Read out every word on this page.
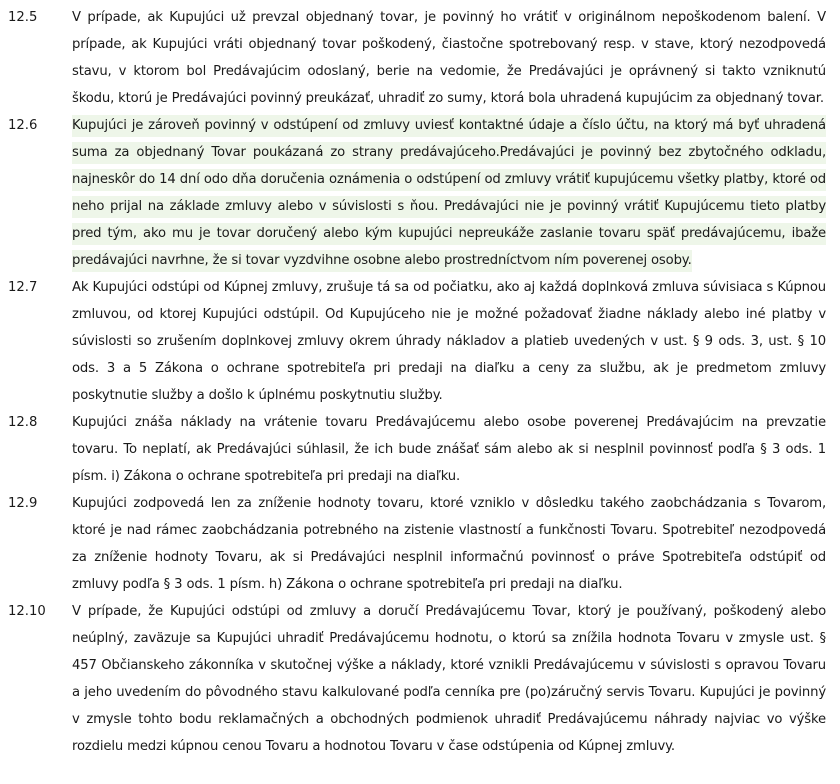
12.5	V prípade, ak Kupujúci už prevzal objednaný tovar, je povinný ho vrátiť v originálnom nepoškodenom balení. V prípade, ak Kupujúci vráti objednaný tovar poškodený, čiastočne spotrebovaný resp. v stave, ktorý nezodpovedá stavu, v ktorom bol Predávajúcim odoslaný, berie na vedomie, že Predávajúci je oprávnený si takto vzniknutú škodu, ktorú je Predávajúci povinný preukázať, uhradiť zo sumy, ktorá bola uhradená kupujúcim za objednaný tovar.
12.6	Kupujúci je zároveň povinný v odstúpení od zmluvy uviesť kontaktné údaje a číslo účtu, na ktorý má byť uhradená suma za objednaný Tovar poukázaná zo strany predávajúceho.Predávajúci je povinný bez zbytočného odkladu, najneskôr do 14 dní odo dňa doručenia oznámenia o odstúpení od zmluvy vrátiť kupujúcemu všetky platby, ktoré od neho prijal na základe zmluvy alebo v súvislosti s ňou. Predávajúci nie je povinný vrátiť Kupujúcemu tieto platby pred tým, ako mu je tovar doručený alebo kým kupujúci nepreukáže zaslanie tovaru späť predávajúcemu, ibaže predávajúci navrhne, že si tovar vyzdvihne osobne alebo prostredníctvom ním poverenej osoby.
12.7	Ak Kupujúci odstúpi od Kúpnej zmluvy, zrušuje tá sa od počiatku, ako aj každá doplnková zmluva súvisiaca s Kúpnou zmluvou, od ktorej Kupujúci odstúpil. Od Kupujúceho nie je možné požadovať žiadne náklady alebo iné platby v súvislosti so zrušením doplnkovej zmluvy okrem úhrady nákladov a platieb uvedených v ust. § 9 ods. 3, ust. § 10 ods. 3 a 5 Zákona o ochrane spotrebiteľa pri predaji na diaľku a ceny za službu, ak je predmetom zmluvy poskytnutie služby a došlo k úplnému poskytnutiu služby.
12.8	Kupujúci znáša náklady na vrátenie tovaru Predávajúcemu alebo osobe poverenej Predávajúcim na prevzatie tovaru. To neplatí, ak Predávajúci súhlasil, že ich bude znášať sám alebo ak si nesplnil povinnosť podľa § 3 ods. 1 písm. i) Zákona o ochrane spotrebiteľa pri predaji na diaľku.
12.9	Kupujúci zodpovedá len za zníženie hodnoty tovaru, ktoré vzniklo v dôsledku takého zaobchádzania s Tovarom, ktoré je nad rámec zaobchádzania potrebného na zistenie vlastností a funkčnosti Tovaru. Spotrebiteľ nezodpovedá za zníženie hodnoty Tovaru, ak si Predávajúci nesplnil informačnú povinnosť o práve Spotrebiteľa odstúpiť od zmluvy podľa § 3 ods. 1 písm. h) Zákona o ochrane spotrebiteľa pri predaji na diaľku.
12.10	V prípade, že Kupujúci odstúpi od zmluvy a doručí Predávajúcemu Tovar, ktorý je používaný, poškodený alebo neúplný, zaväzuje sa Kupujúci uhradiť Predávajúcemu hodnotu, o ktorú sa znížila hodnota Tovaru v zmysle ust. § 457 Občianskeho zákonníka v skutočnej výške a náklady, ktoré vznikli Predávajúcemu v súvislosti s opravou Tovaru a jeho uvedením do pôvodného stavu kalkulované podľa cenníka pre (po)záručný servis Tovaru. Kupujúci je povinný v zmysle tohto bodu reklamačných a obchodných podmienok uhradiť Predávajúcemu náhrady najviac vo výške rozdielu medzi kúpnou cenou Tovaru a hodnotou Tovaru v čase odstúpenia od Kúpnej zmluvy.
